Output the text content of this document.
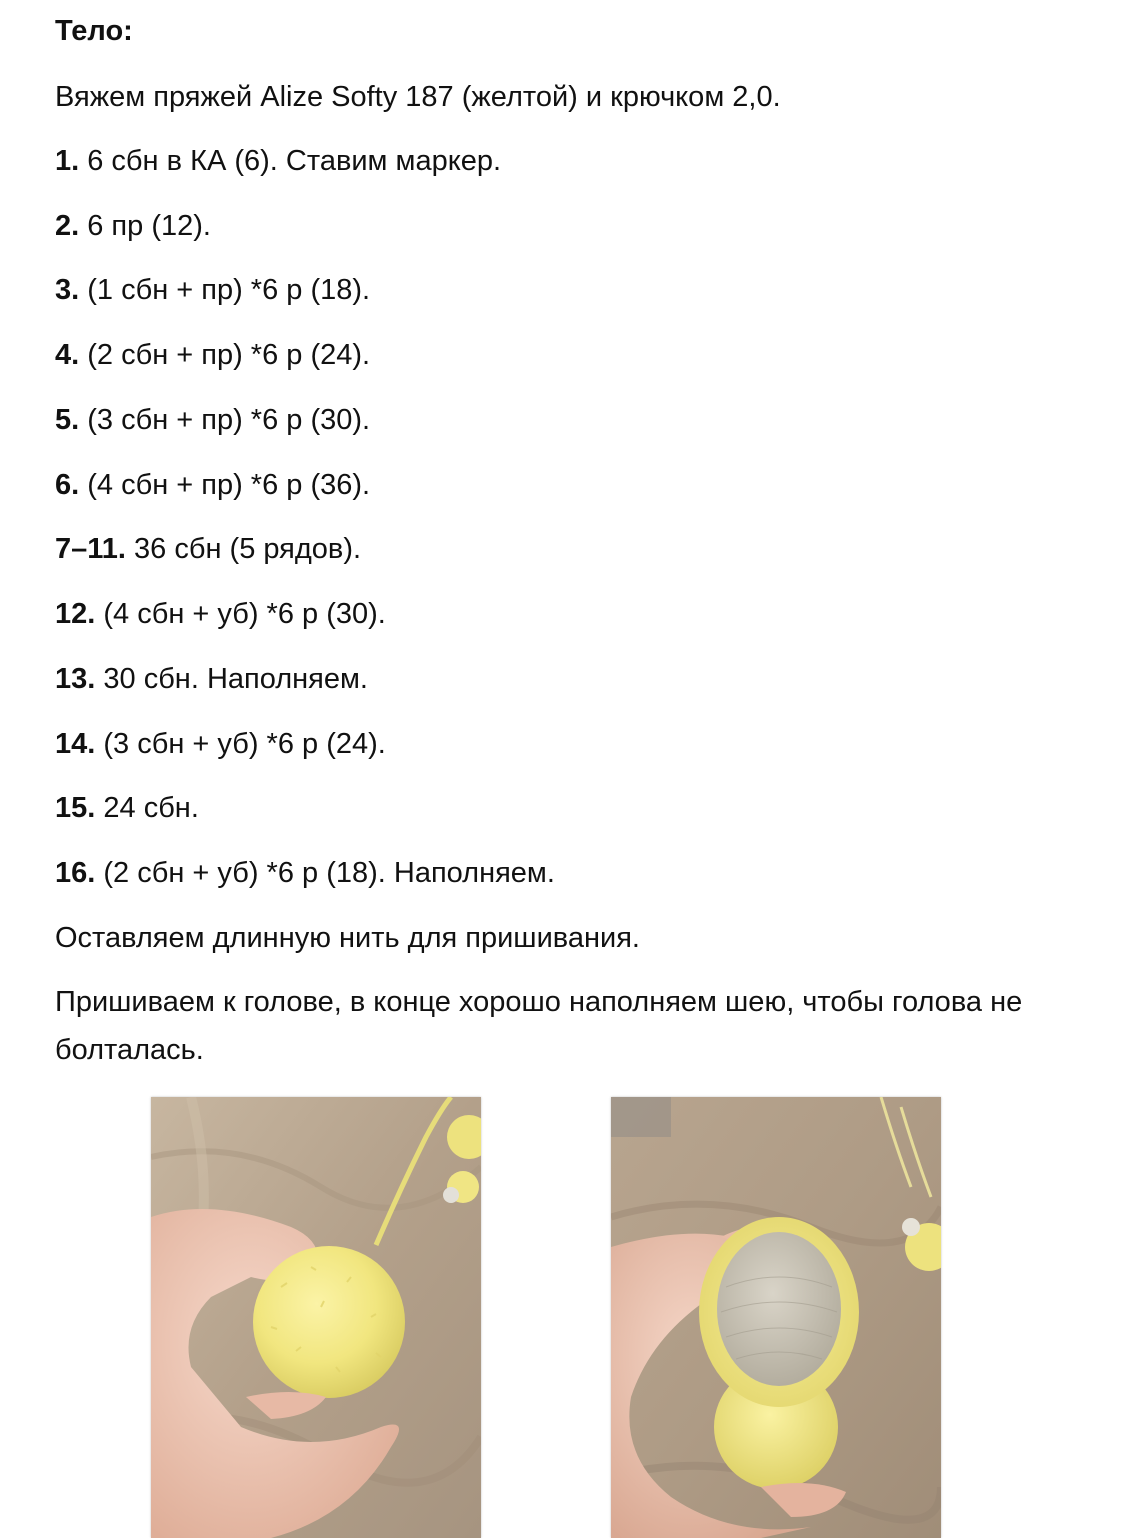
Тело:

Вяжем пряжей Alize Softy 187 (желтой) и крючком 2,0.

1. 6 сбн в КА (6). Ставим маркер.

2. 6 пр (12).

3. (1 сбн + пр) *6 р (18).

4. (2 сбн + пр) *6 р (24).

5. (3 сбн + пр) *6 р (30).

6. (4 сбн + пр) *6 р (36).

7–11. 36 сбн (5 рядов).

12. (4 сбн + уб) *6 р (30).

13. 30 сбн. Наполняем.

14. (3 сбн + уб) *6 р (24).

15. 24 сбн.

16. (2 сбн + уб) *6 р (18). Наполняем.

Оставляем длинную нить для пришивания.

Пришиваем к голове, в конце хорошо наполняем шею, чтобы голова не болталась.
